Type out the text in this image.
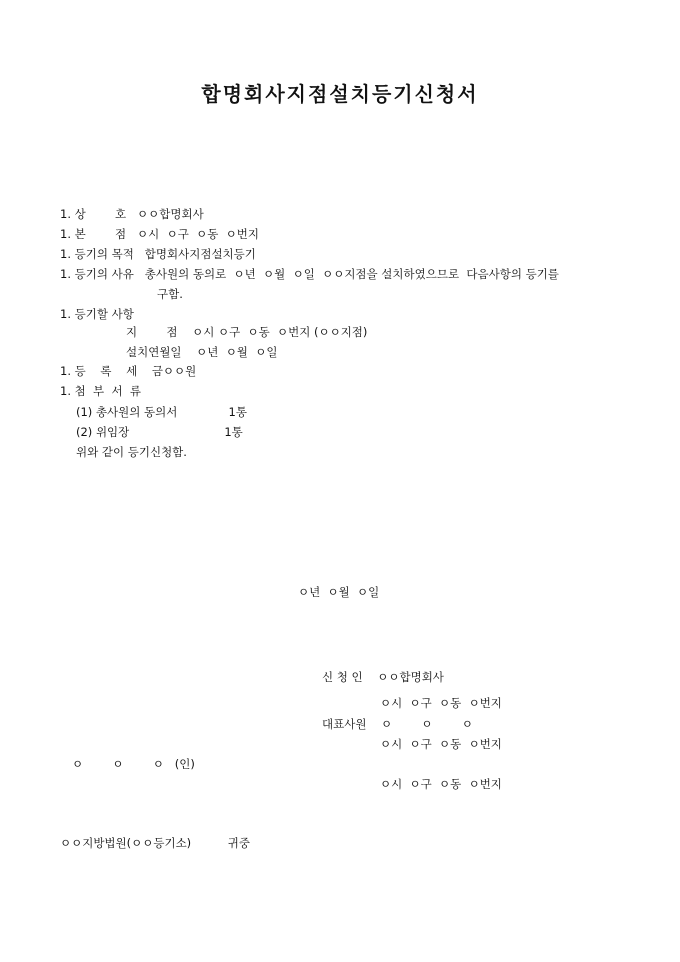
합명회사지점설치등기신청서
1. 상        호   ㅇㅇ합명회사
1. 본        점   ㅇ시  ㅇ구  ㅇ동  ㅇ번지
1. 등기의 목적   합명회사지점설치등기
1. 등기의 사유   총사원의 동의로  ㅇ년  ㅇ월  ㅇ일  ㅇㅇ지점을 설치하였으므로  다음사항의 등기를
구함.
1. 등기할 사항
지        점    ㅇ시 ㅇ구  ㅇ동  ㅇ번지 (ㅇㅇ지점)
설치연월일    ㅇ년  ㅇ월  ㅇ일
1. 등    록    세    금ㅇㅇ원
1. 첨  부  서  류
(1) 총사원의 동의서              1통
(2) 위임장                          1통
위와 같이 등기신청함.
ㅇ년  ㅇ월  ㅇ일
신 청 인    ㅇㅇ합명회사
ㅇ시  ㅇ구  ㅇ동  ㅇ번지
대표사원    ㅇ        ㅇ        ㅇ
ㅇ시  ㅇ구  ㅇ동  ㅇ번지
ㅇ        ㅇ        ㅇ   (인)
ㅇ시  ㅇ구  ㅇ동  ㅇ번지
ㅇㅇ지방법원(ㅇㅇ등기소)          귀중
